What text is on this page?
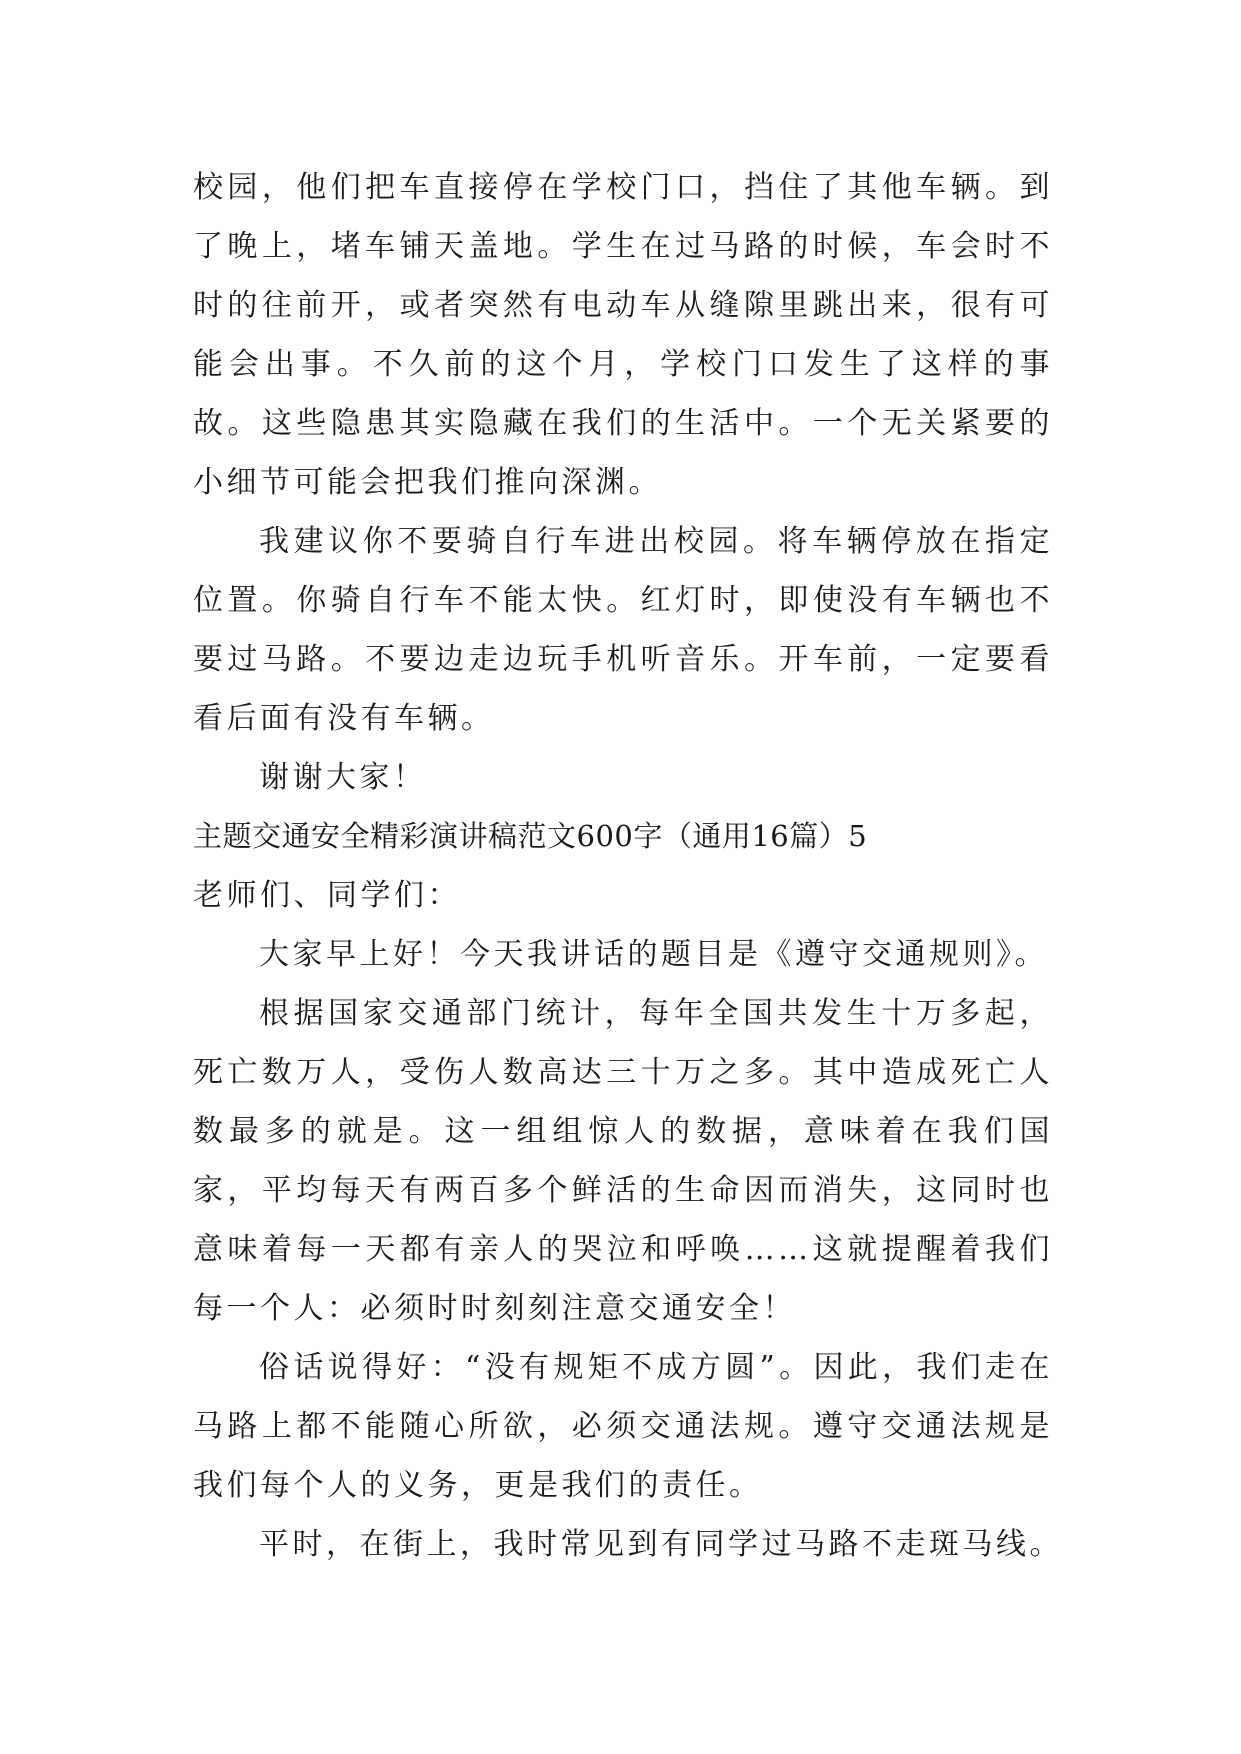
校园，他们把车直接停在学校门口，挡住了其他车辆。到了晚上，堵车铺天盖地。学生在过马路的时候，车会时不时的往前开，或者突然有电动车从缝隙里跳出来，很有可能会出事。不久前的这个月，学校门口发生了这样的事故。这些隐患其实隐藏在我们的生活中。一个无关紧要的小细节可能会把我们推向深渊。

我建议你不要骑自行车进出校园。将车辆停放在指定位置。你骑自行车不能太快。红灯时，即使没有车辆也不要过马路。不要边走边玩手机听音乐。开车前，一定要看看后面有没有车辆。

谢谢大家！

主题交通安全精彩演讲稿范文600字（通用16篇）5

老师们、同学们：

大家早上好！今天我讲话的题目是《遵守交通规则》。

根据国家交通部门统计，每年全国共发生十万多起，死亡数万人，受伤人数高达三十万之多。其中造成死亡人数最多的就是。这一组组惊人的数据，意味着在我们国家，平均每天有两百多个鲜活的生命因而消失，这同时也意味着每一天都有亲人的哭泣和呼唤……这就提醒着我们每一个人：必须时时刻刻注意交通安全！

俗话说得好：“没有规矩不成方圆”。因此，我们走在马路上都不能随心所欲，必须交通法规。遵守交通法规是我们每个人的义务，更是我们的责任。

平时，在街上，我时常见到有同学过马路不走斑马线。
